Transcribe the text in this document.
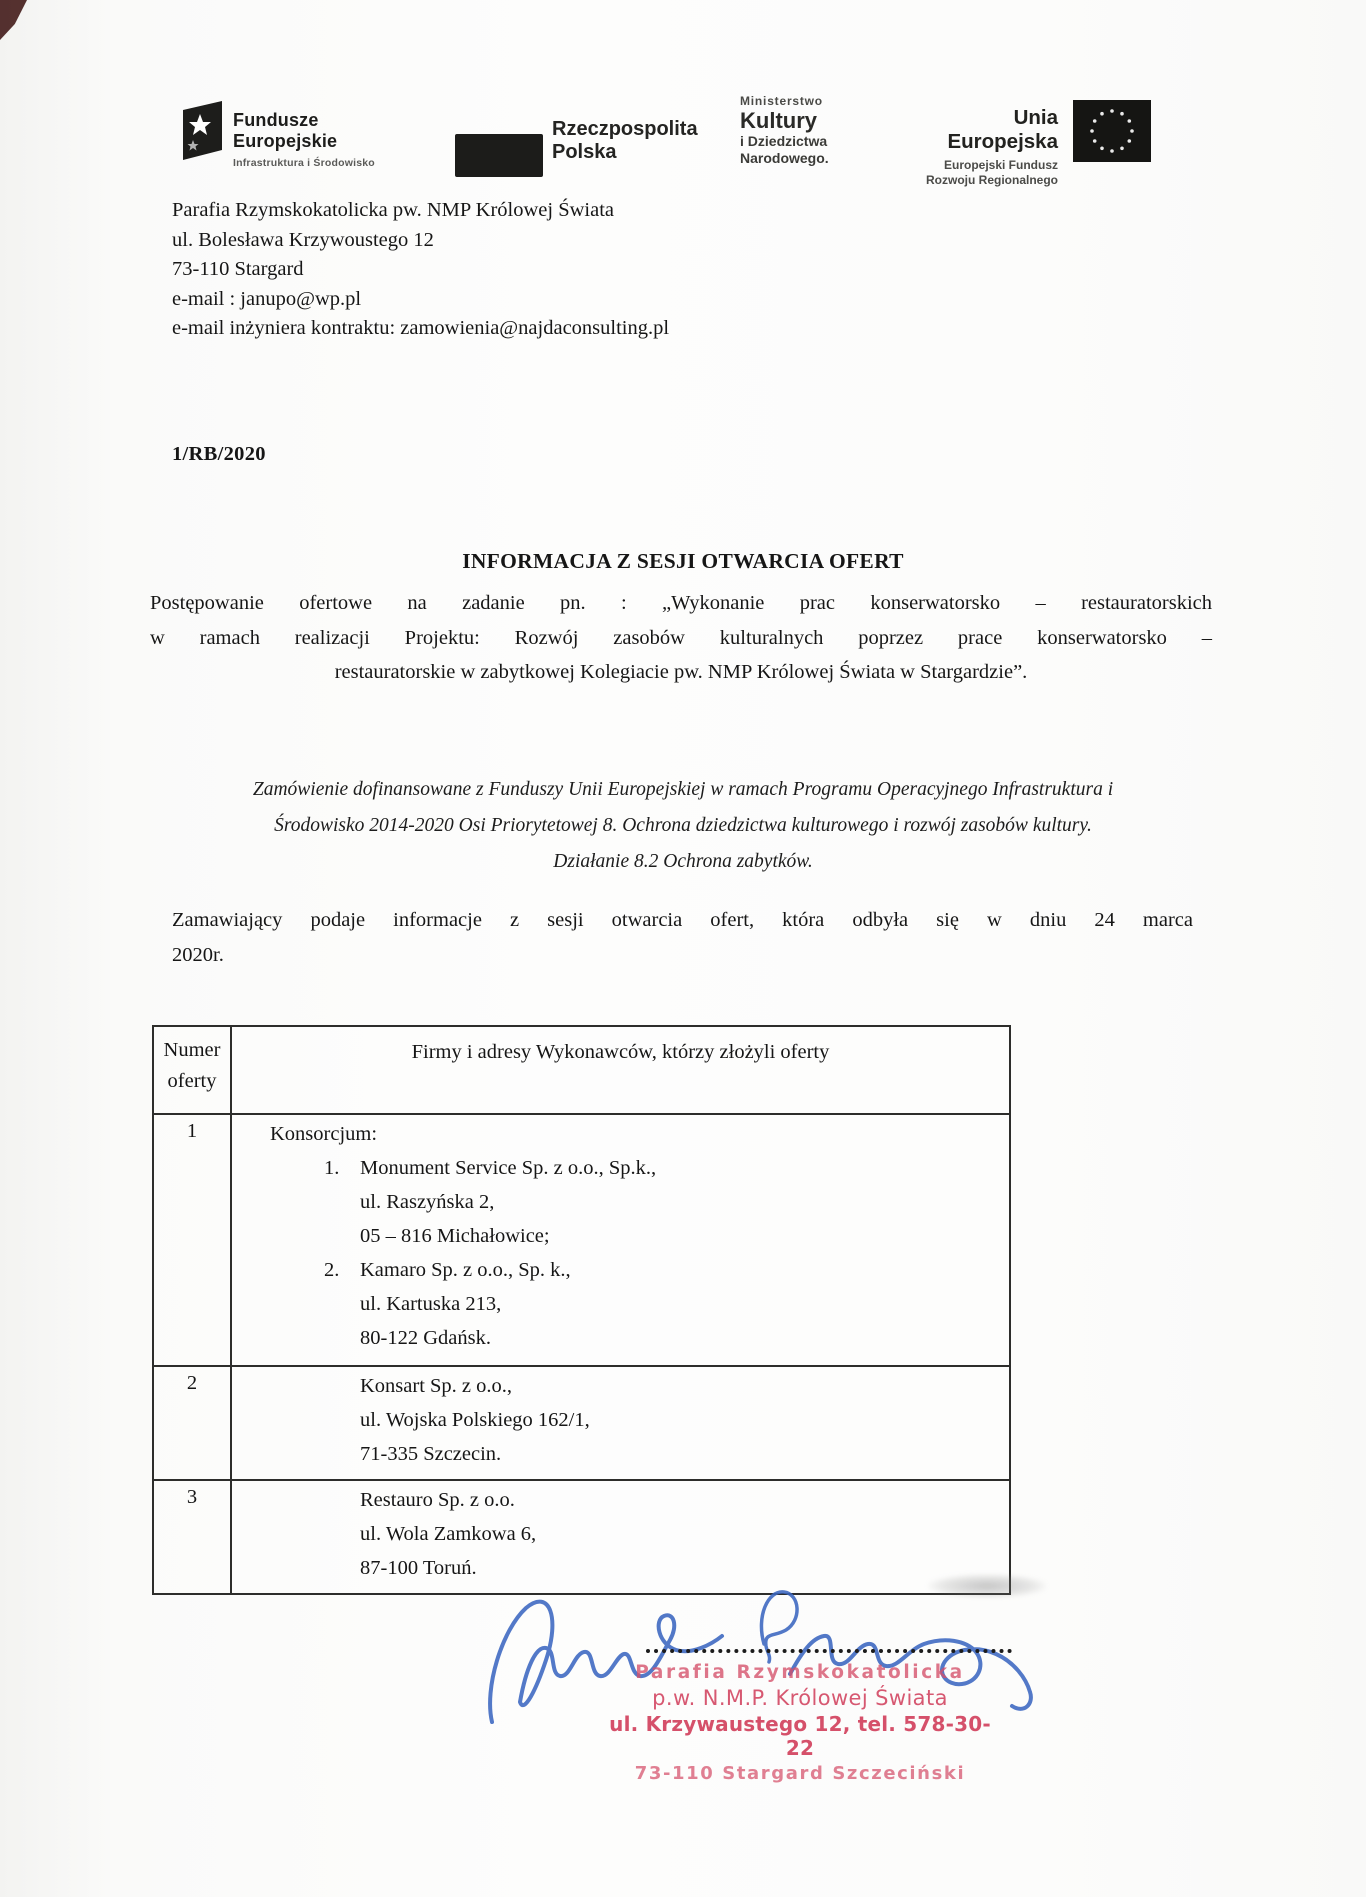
Fundusze
Europejskie
Infrastruktura i Środowisko
Rzeczpospolita
Polska
Ministerstwo
Kultury
i Dziedzictwa
Narodowego.
Unia Europejska
Europejski Fundusz
Rozwoju Regionalnego
Parafia Rzymskokatolicka pw. NMP Królowej Świata
ul. Bolesława Krzywoustego 12
73-110 Stargard
e-mail : janupo@wp.pl
e-mail inżyniera kontraktu: zamowienia@najdaconsulting.pl
1/RB/2020
INFORMACJA Z SESJI OTWARCIA OFERT
Postępowanie ofertowe na zadanie pn. : „Wykonanie prac konserwatorsko – restauratorskich
w ramach realizacji Projektu: Rozwój zasobów kulturalnych poprzez prace konserwatorsko –
restauratorskie w zabytkowej Kolegiacie pw. NMP Królowej Świata w Stargardzie”.
Zamówienie dofinansowane z Funduszy Unii Europejskiej w ramach Programu Operacyjnego Infrastruktura i
Środowisko 2014-2020 Osi Priorytetowej 8. Ochrona dziedzictwa kulturowego i rozwój zasobów kultury.
Działanie 8.2 Ochrona zabytków.
Zamawiający podaje informacje z sesji otwarcia ofert, która odbyła się w dniu 24 marca
2020r.
Numer oferty
Firmy i adresy Wykonawców, którzy złożyli oferty
1	Konsorcjum:
1.	Monument Service Sp. z o.o., Sp.k.,
ul. Raszyńska 2,
05 – 816 Michałowice;
2.	Kamaro Sp. z o.o., Sp. k.,
ul. Kartuska 213,
80-122 Gdańsk.
2	Konsart Sp. z o.o.,
ul. Wojska Polskiego 162/1,
71-335 Szczecin.
3	Restauro Sp. z o.o.
ul. Wola Zamkowa 6,
87-100 Toruń.
Parafia Rzymskokatolicka
p.w. N.M.P. Królowej Świata
ul. Krzywaustego 12, tel. 578-30-22
73-110 Stargard Szczeciński
